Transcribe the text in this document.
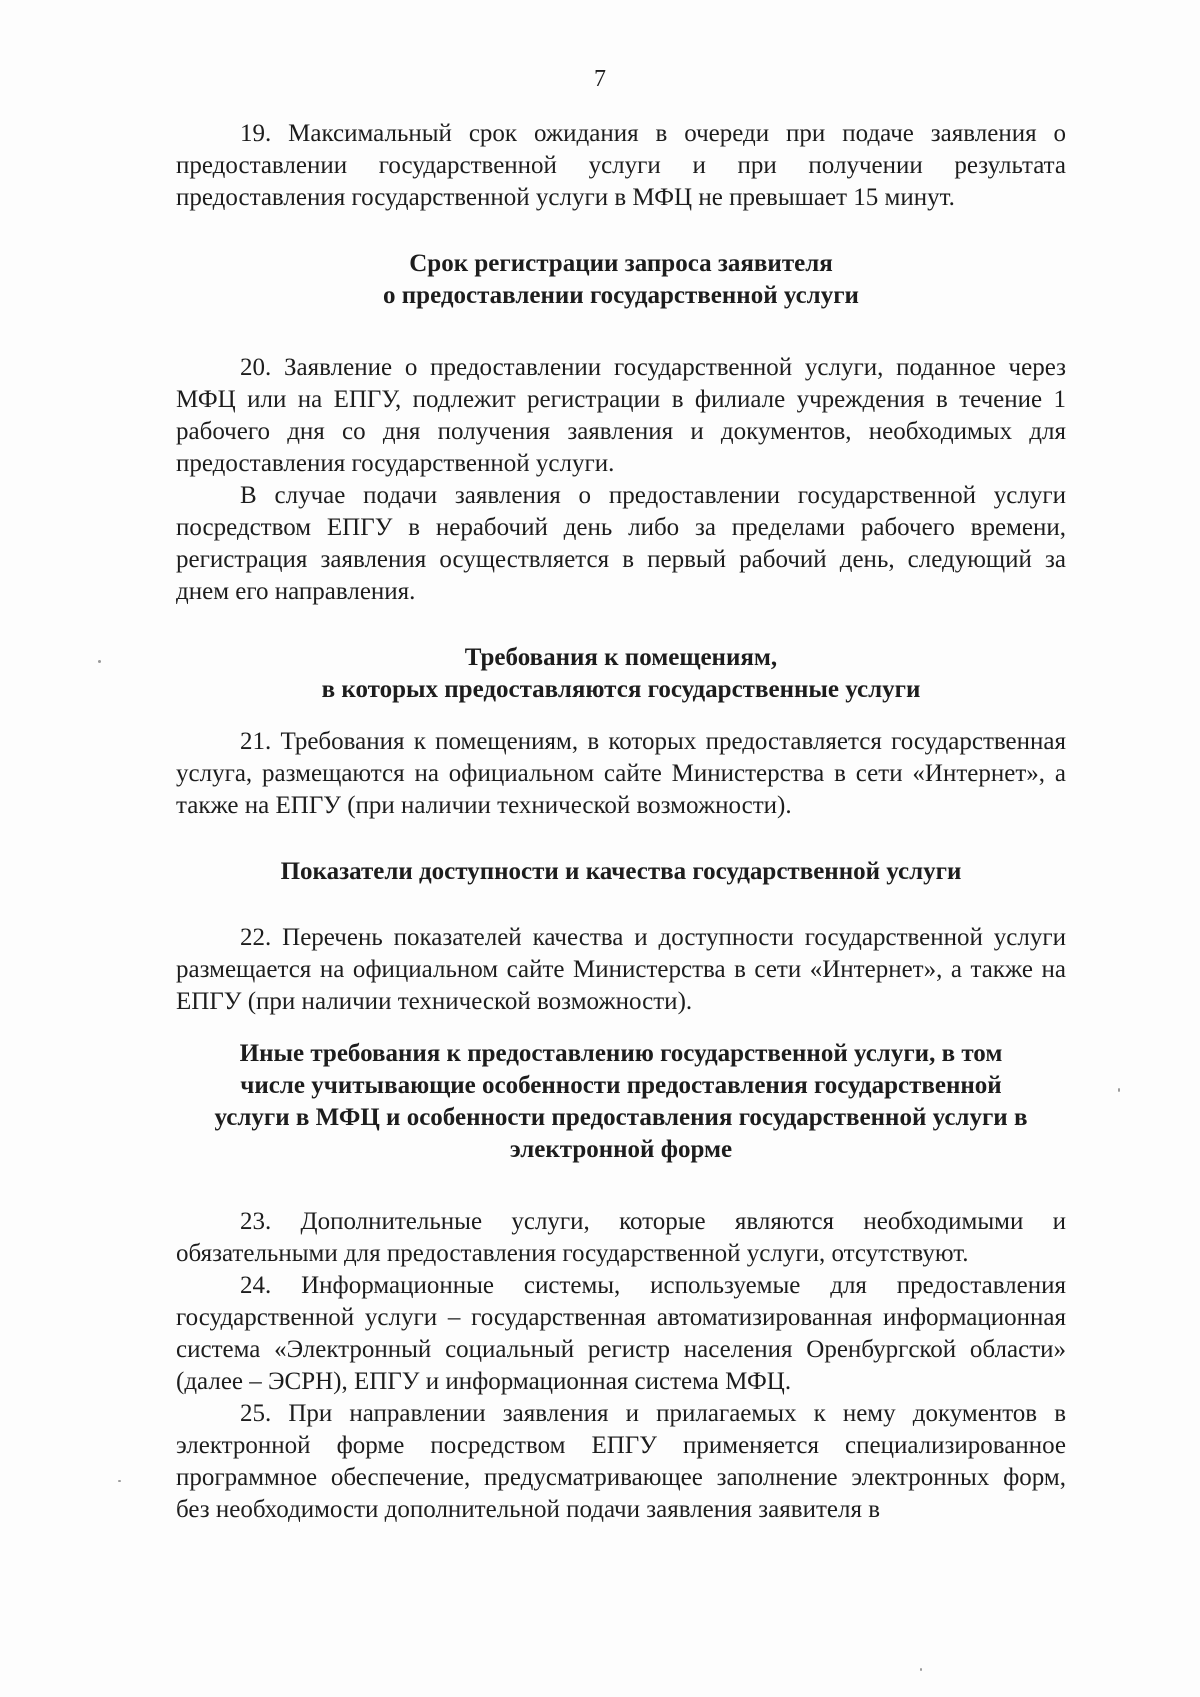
7

19. Максимальный срок ожидания в очереди при подаче заявления о предоставлении государственной услуги и при получении результата предоставления государственной услуги в МФЦ не превышает 15 минут.

Срок регистрации запроса заявителя
о предоставлении государственной услуги

20. Заявление о предоставлении государственной услуги, поданное через МФЦ или на ЕПГУ, подлежит регистрации в филиале учреждения в течение 1 рабочего дня со дня получения заявления и документов, необходимых для предоставления государственной услуги.

В случае подачи заявления о предоставлении государственной услуги посредством ЕПГУ в нерабочий день либо за пределами рабочего времени, регистрация заявления осуществляется в первый рабочий день, следующий за днем его направления.

Требования к помещениям,
в которых предоставляются государственные услуги

21. Требования к помещениям, в которых предоставляется государственная услуга, размещаются на официальном сайте Министерства в сети «Интернет», а также на ЕПГУ (при наличии технической возможности).

Показатели доступности и качества государственной услуги

22. Перечень показателей качества и доступности государственной услуги размещается на официальном сайте Министерства в сети «Интернет», а также на ЕПГУ (при наличии технической возможности).

Иные требования к предоставлению государственной услуги, в том
числе учитывающие особенности предоставления государственной
услуги в МФЦ и особенности предоставления государственной услуги в
электронной форме

23. Дополнительные услуги, которые являются необходимыми и обязательными для предоставления государственной услуги, отсутствуют.

24. Информационные системы, используемые для предоставления государственной услуги – государственная автоматизированная информационная система «Электронный социальный регистр населения Оренбургской области» (далее – ЭСРН), ЕПГУ и информационная система МФЦ.

25. При направлении заявления и прилагаемых к нему документов в электронной форме посредством ЕПГУ применяется специализированное программное обеспечение, предусматривающее заполнение электронных форм, без необходимости дополнительной подачи заявления заявителя в
